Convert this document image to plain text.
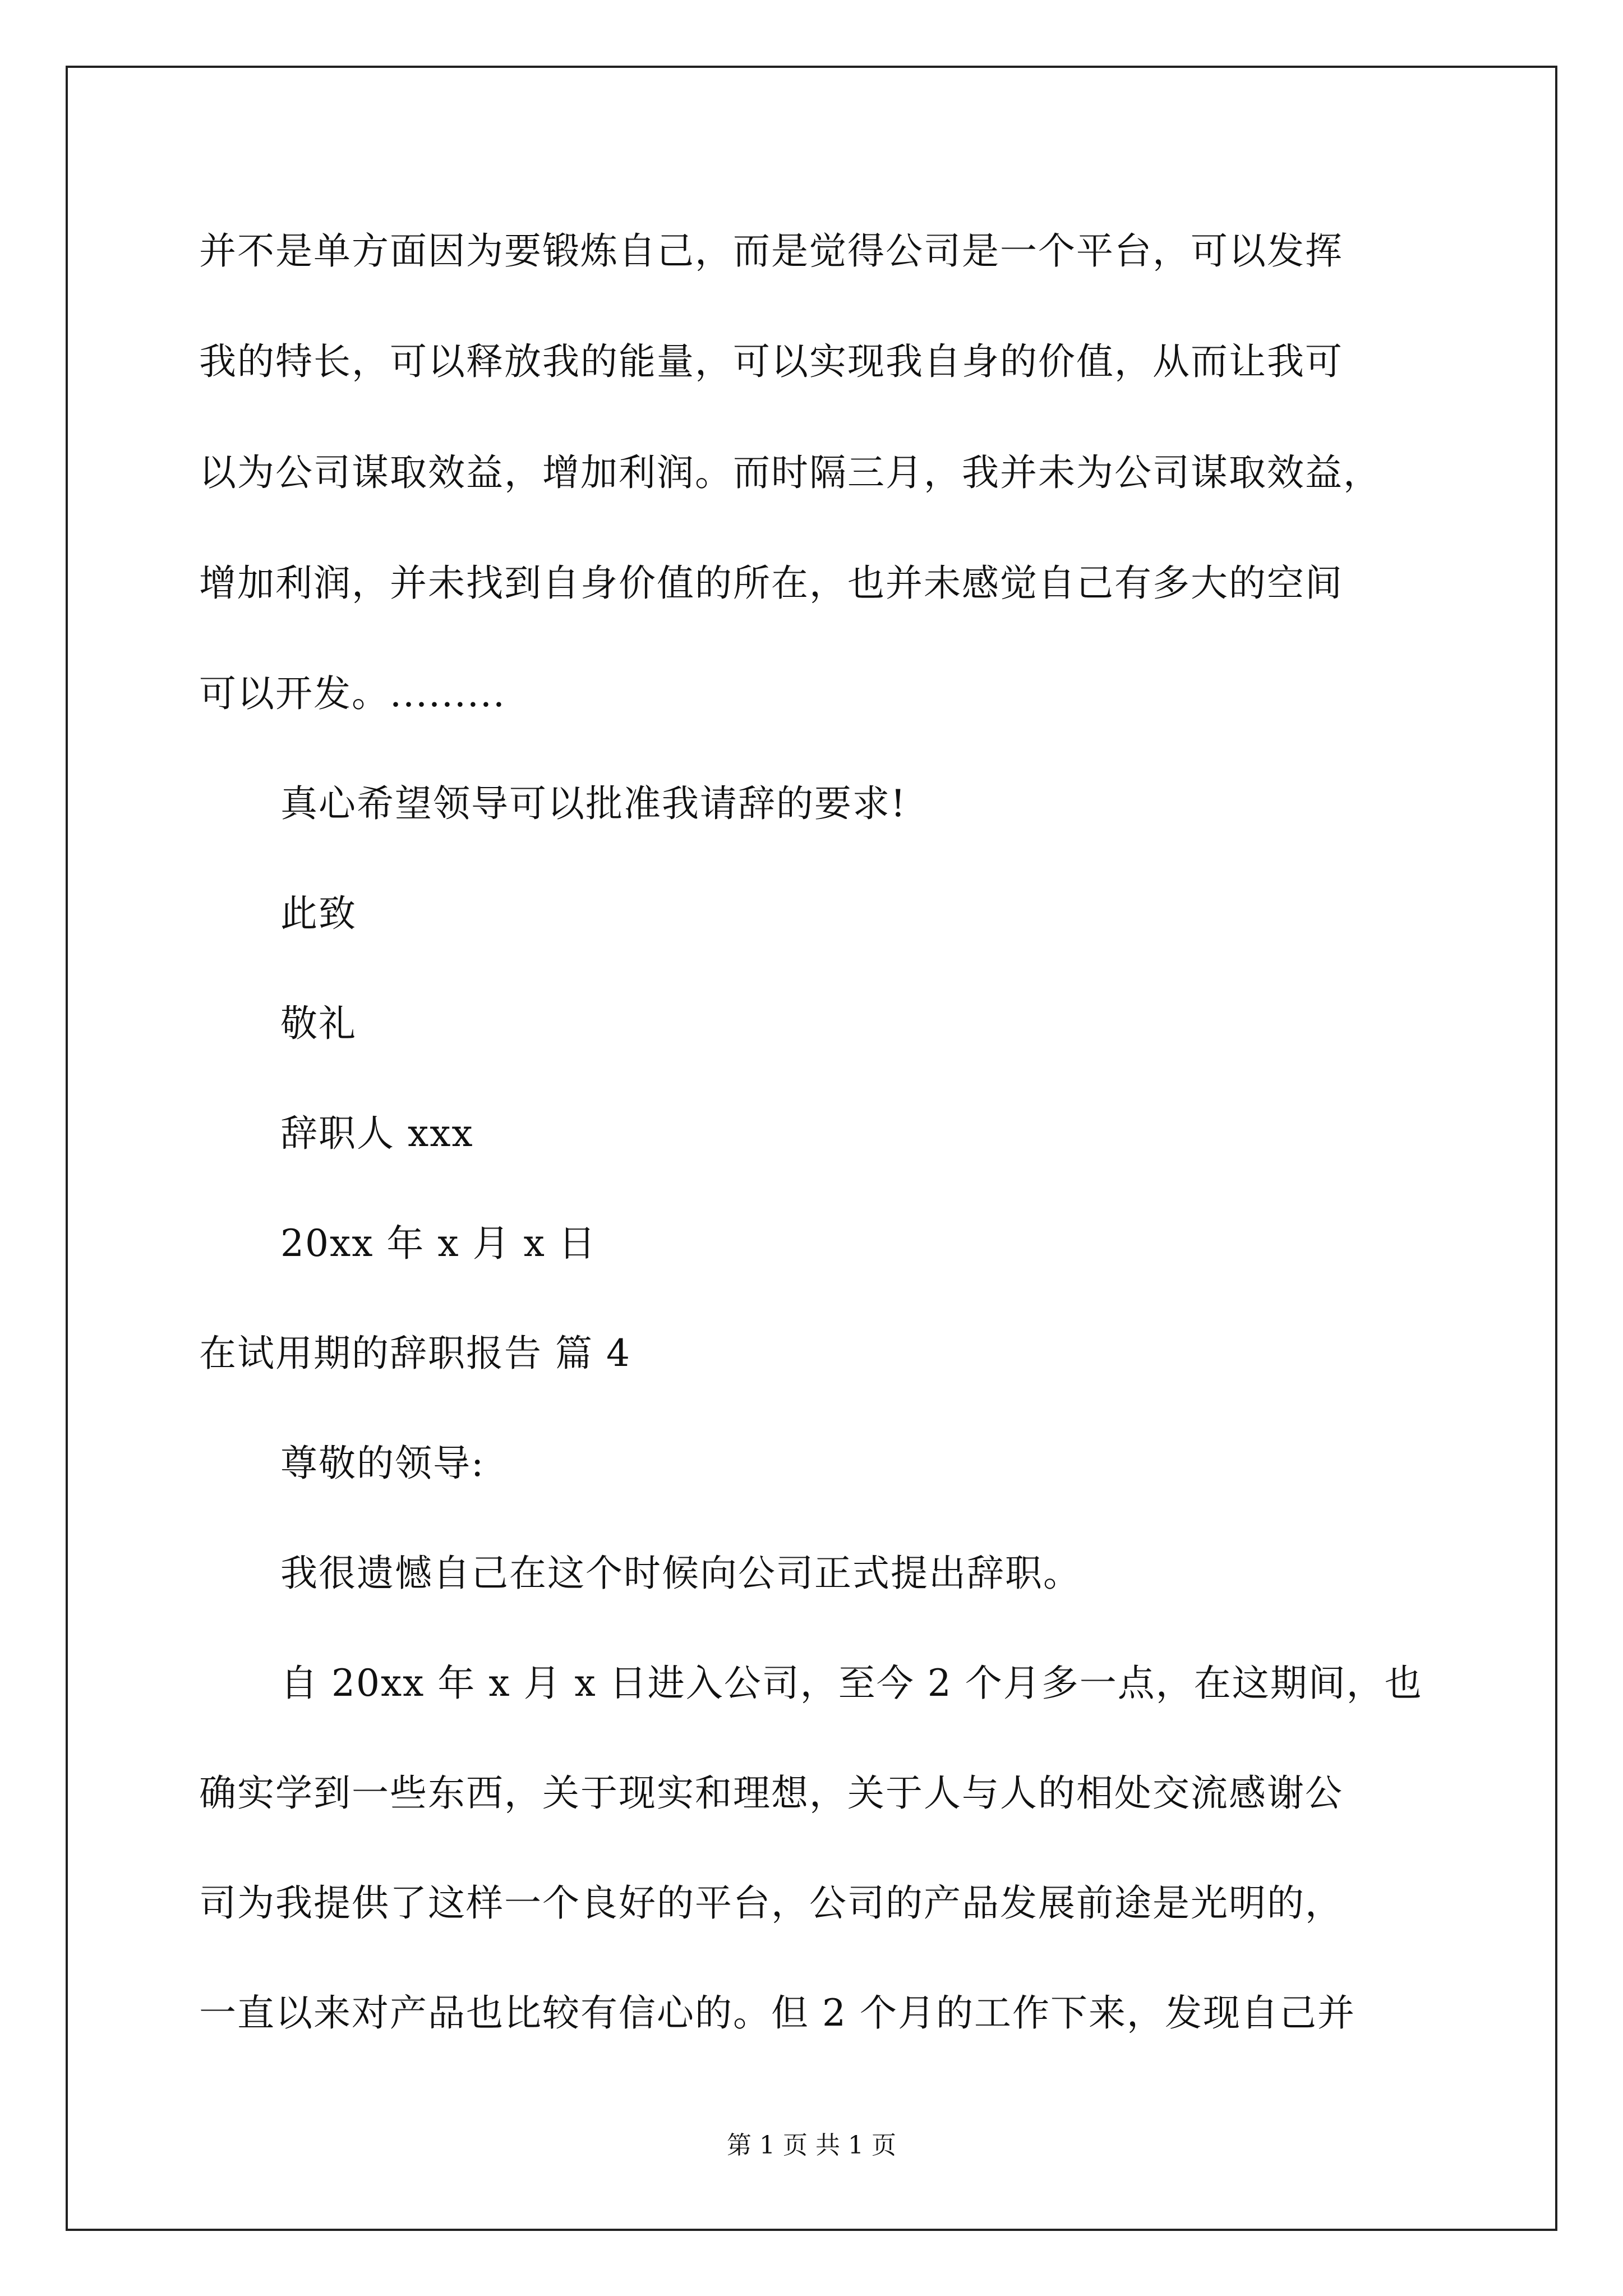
并不是单方面因为要锻炼自己，而是觉得公司是一个平台，可以发挥
我的特长，可以释放我的能量，可以实现我自身的价值，从而让我可
以为公司谋取效益，增加利润。而时隔三月，我并未为公司谋取效益，
增加利润，并未找到自身价值的所在，也并未感觉自己有多大的空间
可以开发。.........
真心希望领导可以批准我请辞的要求!
此致
敬礼
辞职人 xxx
20xx 年 x 月 x 日
在试用期的辞职报告 篇 4
尊敬的领导:
我很遗憾自己在这个时候向公司正式提出辞职。
自 20xx 年 x 月 x 日进入公司，至今 2 个月多一点，在这期间，也
确实学到一些东西，关于现实和理想，关于人与人的相处交流感谢公
司为我提供了这样一个良好的平台，公司的产品发展前途是光明的，
一直以来对产品也比较有信心的。但 2 个月的工作下来，发现自己并
第 1 页 共 1 页
